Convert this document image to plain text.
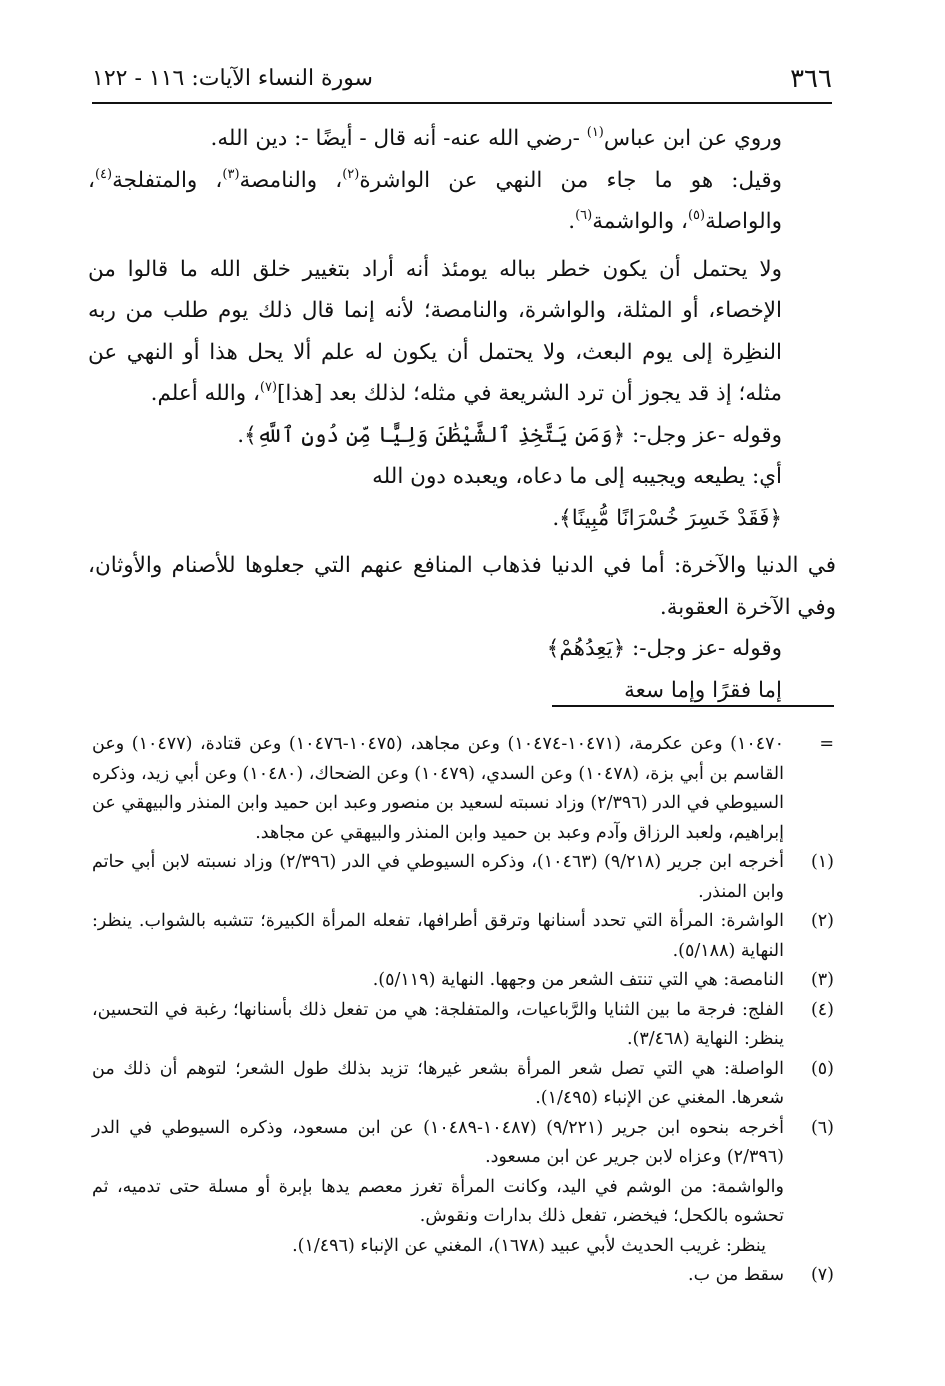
٣٦٦
سورة النساء الآيات: ١١٦ - ١٢٢

وروي عن ابن عباس$^{(١)}$ -رضي الله عنه- أنه قال - أيضًا -: دين الله.

وقيل: هو ما جاء من النهي عن الواشرة$^{(٢)}$، والنامصة$^{(٣)}$، والمتفلجة$^{(٤)}$، والواصلة$^{(٥)}$، والواشمة$^{(٦)}$.

ولا يحتمل أن يكون خطر بباله يومئذ أنه أراد بتغيير خلق الله ما قالوا من الإخصاء، أو المثلة، والواشرة، والنامصة؛ لأنه إنما قال ذلك يوم طلب من ربه النظِرة إلى يوم البعث، ولا يحتمل أن يكون له علم ألا يحل هذا أو النهي عن مثله؛ إذ قد يجوز أن ترد الشريعة في مثله؛ لذلك بعد [هذا]$^{(٧)}$، والله أعلم.

وقوله -عز وجل-: ﴿وَمَن يَتَّخِذِ ٱلشَّيْطَٰنَ وَلِيًّا مِّن دُونِ ٱللَّهِ﴾.

أي: يطيعه ويجيبه إلى ما دعاه، ويعبده دون الله

﴿فَقَدْ خَسِرَ خُسْرَانًا مُّبِينًا﴾.

في الدنيا والآخرة: أما في الدنيا فذهاب المنافع عنهم التي جعلوها للأصنام والأوثان، وفي الآخرة العقوبة.

وقوله -عز وجل-: ﴿يَعِدُهُمْ﴾

إما فقرًا وإما سعة

=
١٠٤٧٠) وعن عكرمة، (١٠٤٧١-١٠٤٧٤) وعن مجاهد، (١٠٤٧٥-١٠٤٧٦) وعن قتادة، (١٠٤٧٧) وعن القاسم بن أبي بزة، (١٠٤٧٨) وعن السدي، (١٠٤٧٩) وعن الضحاك، (١٠٤٨٠) وعن أبي زيد، وذكره السيوطي في الدر (٢/٣٩٦) وزاد نسبته لسعيد بن منصور وعبد ابن حميد وابن المنذر والبيهقي عن إبراهيم، ولعبد الرزاق وآدم وعبد بن حميد وابن المنذر والبيهقي عن مجاهد.
(١)
أخرجه ابن جرير (٩/٢١٨) (١٠٤٦٣)، وذكره السيوطي في الدر (٢/٣٩٦) وزاد نسبته لابن أبي حاتم وابن المنذر.
(٢)
الواشرة: المرأة التي تحدد أسنانها وترقق أطرافها، تفعله المرأة الكبيرة؛ تتشبه بالشواب. ينظر: النهاية (٥/١٨٨).
(٣)
النامصة: هي التي تنتف الشعر من وجهها. النهاية (٥/١١٩).
(٤)
الفلج: فرجة ما بين الثنايا والرَّباعيات، والمتفلجة: هي من تفعل ذلك بأسنانها؛ رغبة في التحسين، ينظر: النهاية (٣/٤٦٨).
(٥)
الواصلة: هي التي تصل شعر المرأة بشعر غيرها؛ تزيد بذلك طول الشعر؛ لتوهم أن ذلك من شعرها. المغني عن الإنباء (١/٤٩٥).
(٦)
أخرجه بنحوه ابن جرير (٩/٢٢١) (١٠٤٨٧-١٠٤٨٩) عن ابن مسعود، وذكره السيوطي في الدر (٢/٣٩٦) وعزاه لابن جرير عن ابن مسعود.
والواشمة: من الوشم في اليد، وكانت المرأة تغرز معصم يدها بإبرة أو مسلة حتى تدميه، ثم تحشوه بالكحل؛ فيخضر، تفعل ذلك بدارات ونقوش.
ينظر: غريب الحديث لأبي عبيد (١٦٧٨)، المغني عن الإنباء (١/٤٩٦).
(٧)
سقط من ب.
